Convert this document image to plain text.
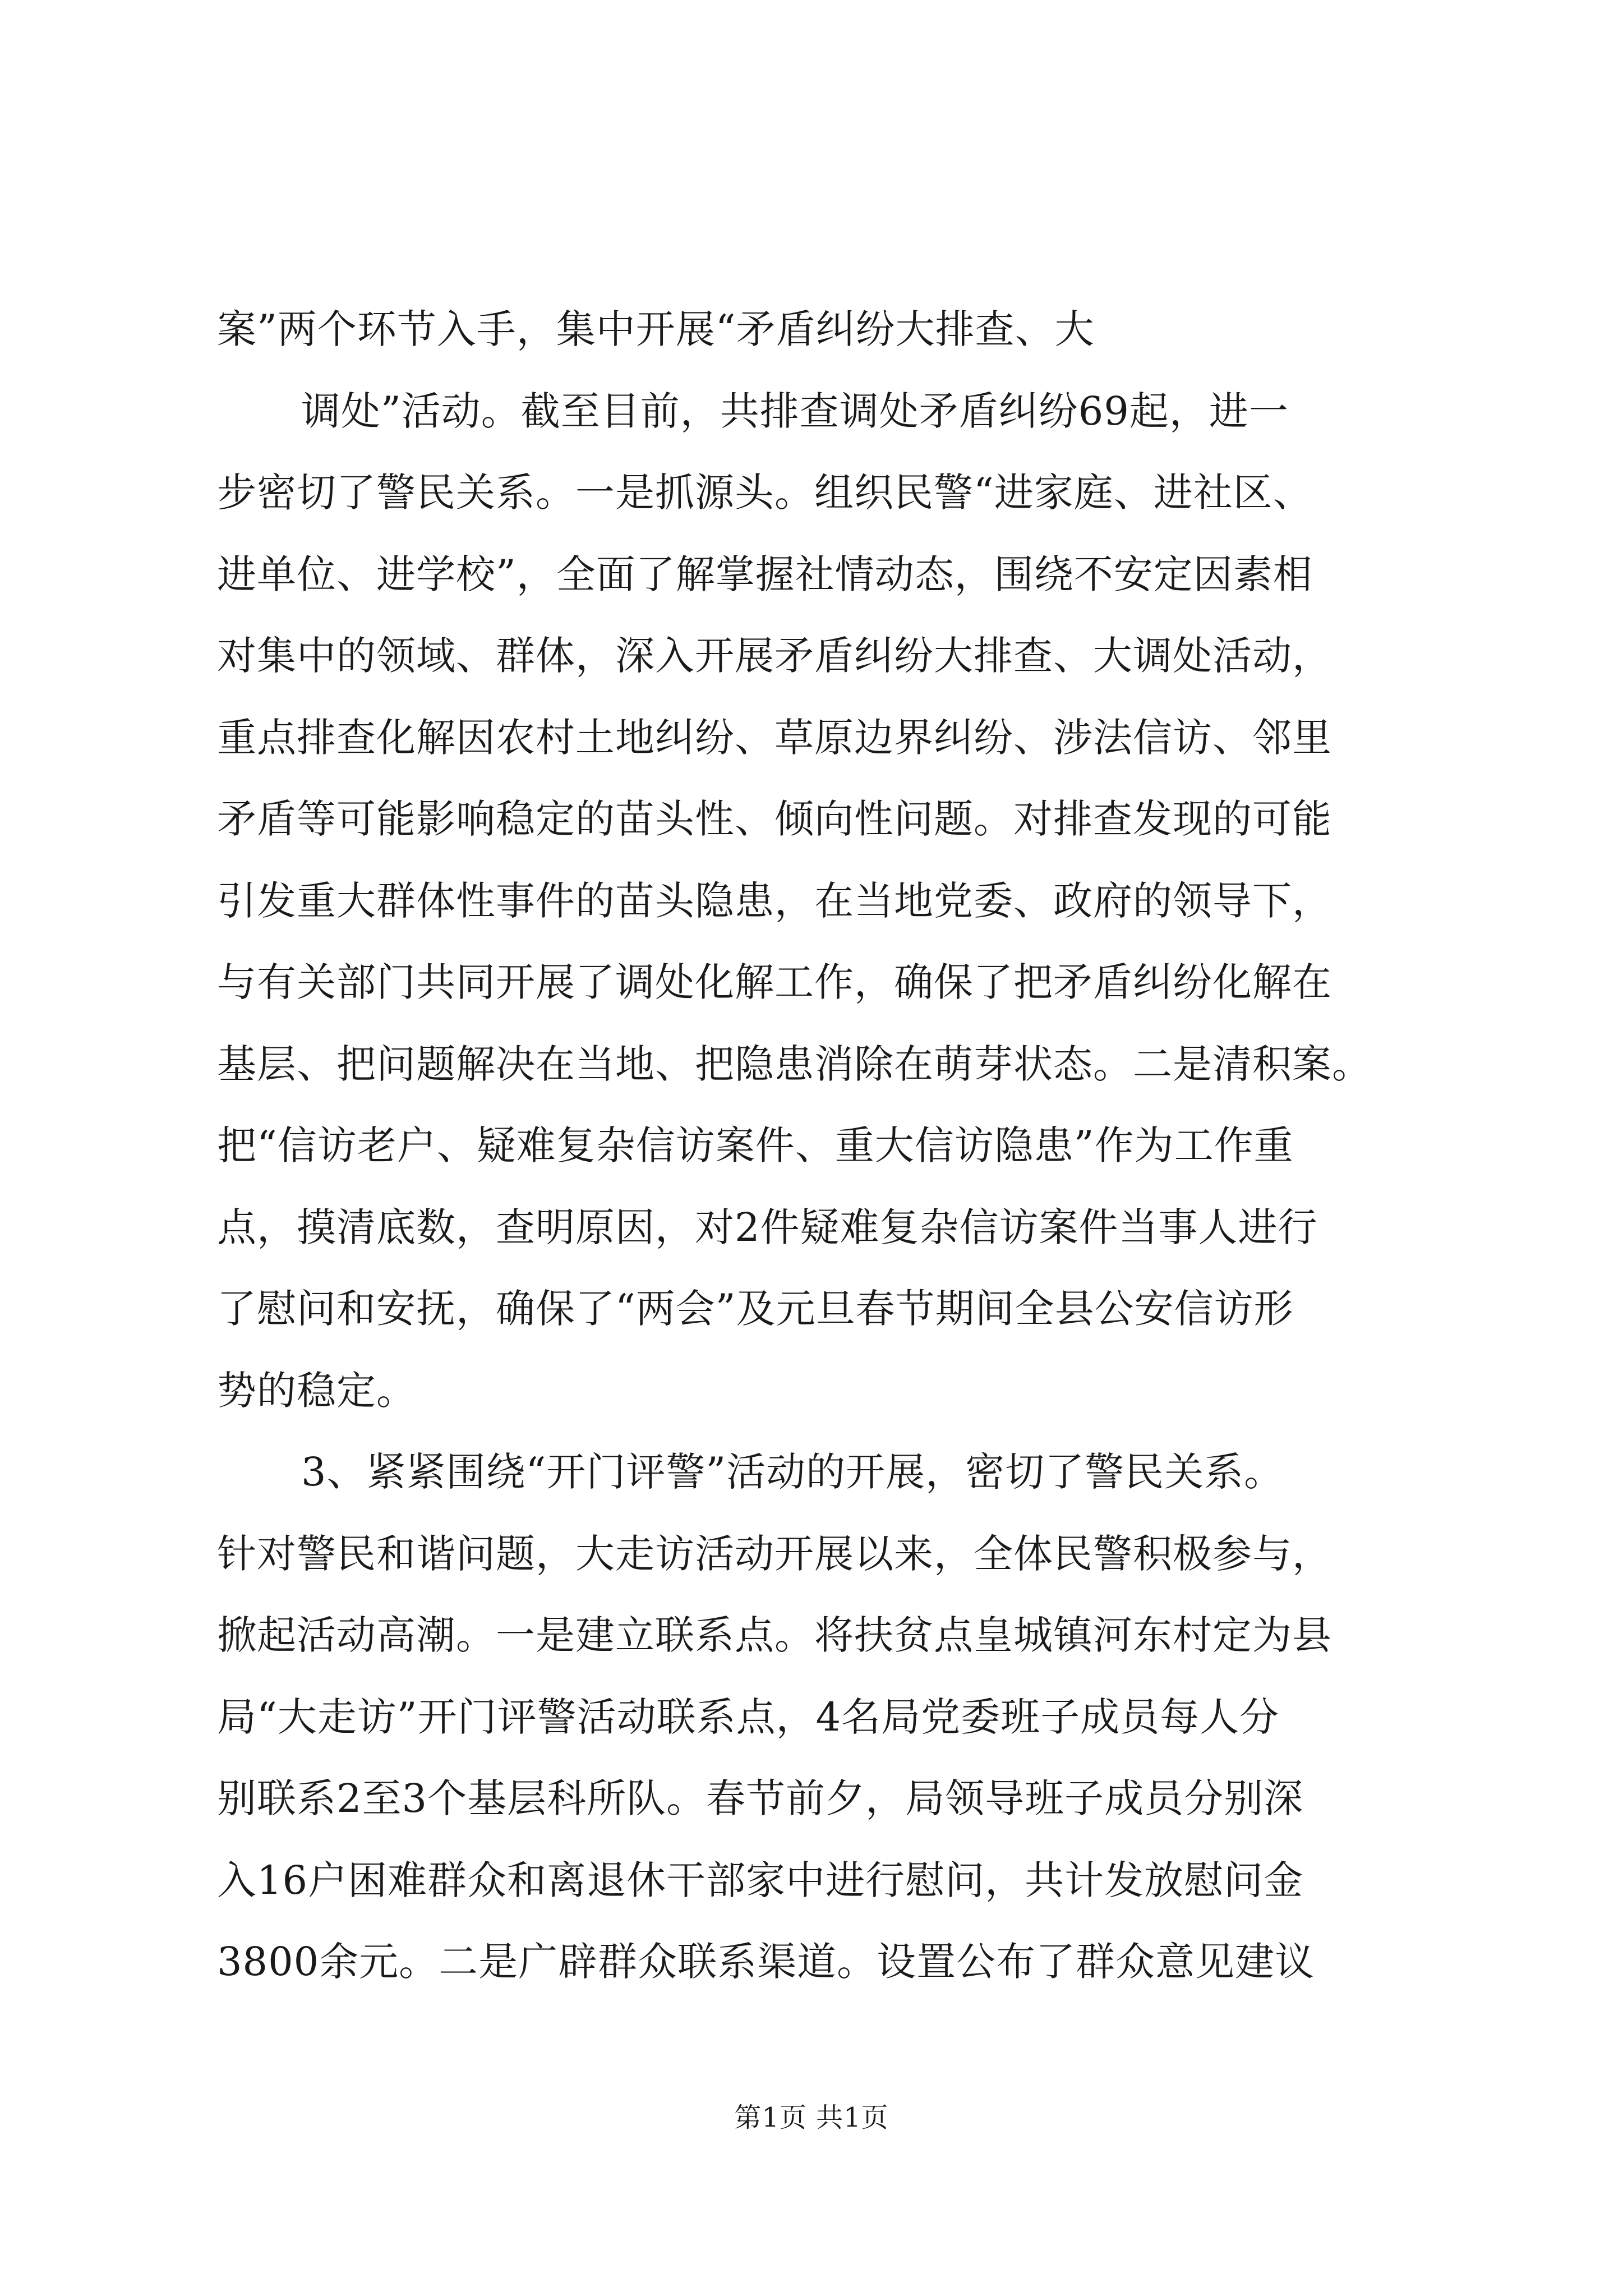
案”两个环节入手，集中开展“矛盾纠纷大排查、大
调处”活动。截至目前，共排查调处矛盾纠纷69起，进一
步密切了警民关系。一是抓源头。组织民警“进家庭、进社区、
进单位、进学校”，全面了解掌握社情动态，围绕不安定因素相
对集中的领域、群体，深入开展矛盾纠纷大排查、大调处活动，
重点排查化解因农村土地纠纷、草原边界纠纷、涉法信访、邻里
矛盾等可能影响稳定的苗头性、倾向性问题。对排查发现的可能
引发重大群体性事件的苗头隐患，在当地党委、政府的领导下，
与有关部门共同开展了调处化解工作，确保了把矛盾纠纷化解在
基层、把问题解决在当地、把隐患消除在萌芽状态。二是清积案。
把“信访老户、疑难复杂信访案件、重大信访隐患”作为工作重
点，摸清底数，查明原因，对2件疑难复杂信访案件当事人进行
了慰问和安抚，确保了“两会”及元旦春节期间全县公安信访形
势的稳定。
3、紧紧围绕“开门评警”活动的开展，密切了警民关系。
针对警民和谐问题，大走访活动开展以来，全体民警积极参与，
掀起活动高潮。一是建立联系点。将扶贫点皇城镇河东村定为县
局“大走访”开门评警活动联系点，4名局党委班子成员每人分
别联系2至3个基层科所队。春节前夕，局领导班子成员分别深
入16户困难群众和离退休干部家中进行慰问，共计发放慰问金
3800余元。二是广辟群众联系渠道。设置公布了群众意见建议
第1页 共1页
